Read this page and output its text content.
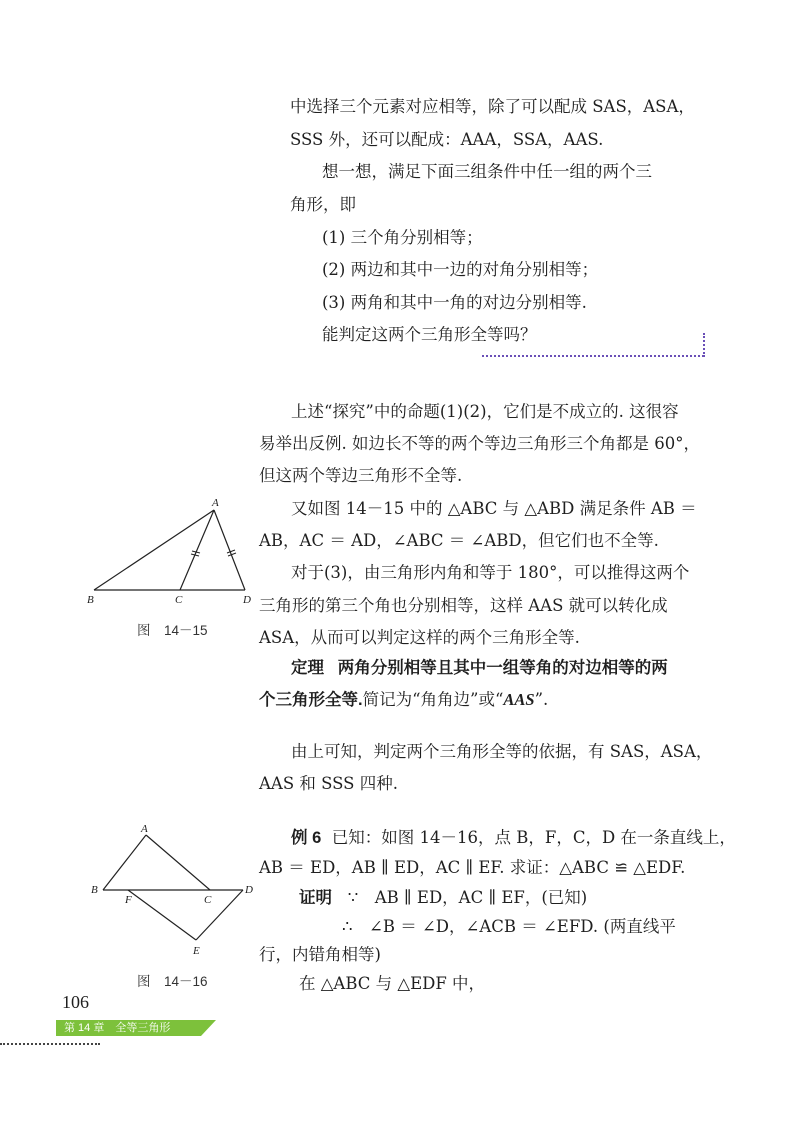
中选择三个元素对应相等，除了可以配成 SAS，ASA，
SSS 外，还可以配成：AAA，SSA，AAS.
想一想，满足下面三组条件中任一组的两个三
角形，即
(1) 三个角分别相等；
(2) 两边和其中一边的对角分别相等；
(3) 两角和其中一角的对边分别相等.
能判定这两个三角形全等吗？
上述“探究”中的命题(1)(2)，它们是不成立的. 这很容
易举出反例. 如边长不等的两个等边三角形三个角都是 60°，
但这两个等边三角形不全等.
又如图 14－15 中的 △ABC 与 △ABD 满足条件 AB ＝
AB，AC ＝ AD，∠ABC ＝ ∠ABD，但它们也不全等.
对于(3)，由三角形内角和等于 180°，可以推得这两个
三角形的第三个角也分别相等，这样 AAS 就可以转化成
ASA，从而可以判定这样的两个三角形全等.
A
B	C	D
图　14－15
定理 两角分别相等且其中一组等角的对边相等的两
个三角形全等.简记为“角角边”或“AAS”.
由上可知，判定两个三角形全等的依据，有 SAS，ASA，
AAS 和 SSS 四种.
例 6 已知：如图 14－16，点 B，F，C，D 在一条直线上，
AB ＝ ED，AB ∥ ED，AC ∥ EF. 求证：△ABC ≌ △EDF.
证明 ∵　AB ∥ ED，AC ∥ EF，(已知)
∴　∠B ＝ ∠D，∠ACB ＝ ∠EFD. (两直线平
行，内错角相等)
在 △ABC 与 △EDF 中，
A
B
F	C
D
E
图　14－16
106
第 14 章　全等三角形
